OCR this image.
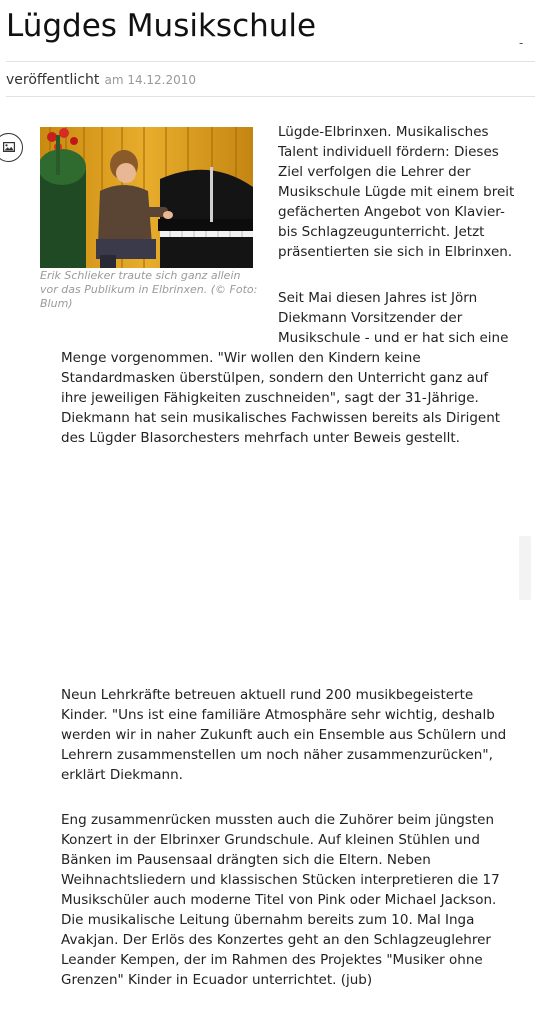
Lügdes Musikschule	-
veröffentlicht am 14.12.2010
Erik Schlieker traute sich ganz allein vor das Publikum in Elbrinxen. (© Foto: Blum)
Lügde-Elbrinxen. Musikalisches Talent individuell fördern: Dieses Ziel verfolgen die Lehrer der Musikschule Lügde mit einem breit gefächerten Angebot von Klavier- bis Schlagzeugunterricht. Jetzt präsentierten sie sich in Elbrinxen.
Seit Mai diesen Jahres ist Jörn Diekmann Vorsitzender der Musikschule - und er hat sich eine
Menge vorgenommen. "Wir wollen den Kindern keine Standardmasken überstülpen, sondern den Unterricht ganz auf ihre jeweiligen Fähigkeiten zuschneiden", sagt der 31-Jährige. Diekmann hat sein musikalisches Fachwissen bereits als Dirigent des Lügder Blasorchesters mehrfach unter Beweis gestellt.
Neun Lehrkräfte betreuen aktuell rund 200 musikbegeisterte Kinder. "Uns ist eine familiäre Atmosphäre sehr wichtig, deshalb werden wir in naher Zukunft auch ein Ensemble aus Schülern und Lehrern zusammenstellen um noch näher zusammenzurücken", erklärt Diekmann.
Eng zusammenrücken mussten auch die Zuhörer beim jüngsten Konzert in der Elbrinxer Grundschule. Auf kleinen Stühlen und Bänken im Pausensaal drängten sich die Eltern. Neben Weihnachtsliedern und klassischen Stücken interpretieren die 17 Musikschüler auch moderne Titel von Pink oder Michael Jackson. Die musikalische Leitung übernahm bereits zum 10. Mal Inga Avakjan. Der Erlös des Konzertes geht an den Schlagzeuglehrer Leander Kempen, der im Rahmen des Projektes "Musiker ohne Grenzen" Kinder in Ecuador unterrichtet. (jub)
